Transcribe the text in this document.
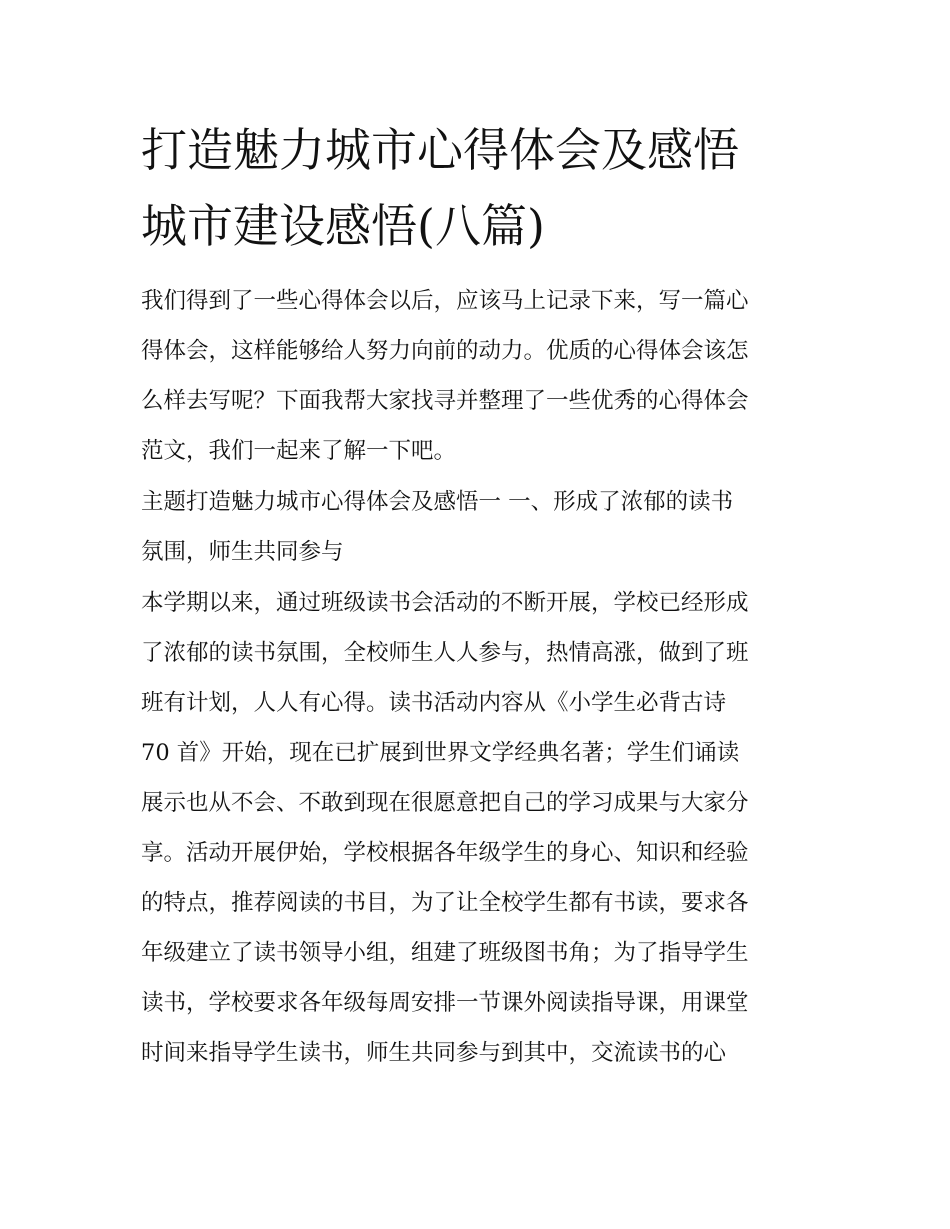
打造魅力城市心得体会及感悟
城市建设感悟(八篇)
我们得到了一些心得体会以后，应该马上记录下来，写一篇心
得体会，这样能够给人努力向前的动力。优质的心得体会该怎
么样去写呢？下面我帮大家找寻并整理了一些优秀的心得体会
范文，我们一起来了解一下吧。
主题打造魅力城市心得体会及感悟一 一、形成了浓郁的读书
氛围，师生共同参与
本学期以来，通过班级读书会活动的不断开展，学校已经形成
了浓郁的读书氛围，全校师生人人参与，热情高涨，做到了班
班有计划，人人有心得。读书活动内容从《小学生必背古诗
70 首》开始，现在已扩展到世界文学经典名著；学生们诵读
展示也从不会、不敢到现在很愿意把自己的学习成果与大家分
享。活动开展伊始，学校根据各年级学生的身心、知识和经验
的特点，推荐阅读的书目，为了让全校学生都有书读，要求各
年级建立了读书领导小组，组建了班级图书角；为了指导学生
读书，学校要求各年级每周安排一节课外阅读指导课，用课堂
时间来指导学生读书，师生共同参与到其中，交流读书的心
